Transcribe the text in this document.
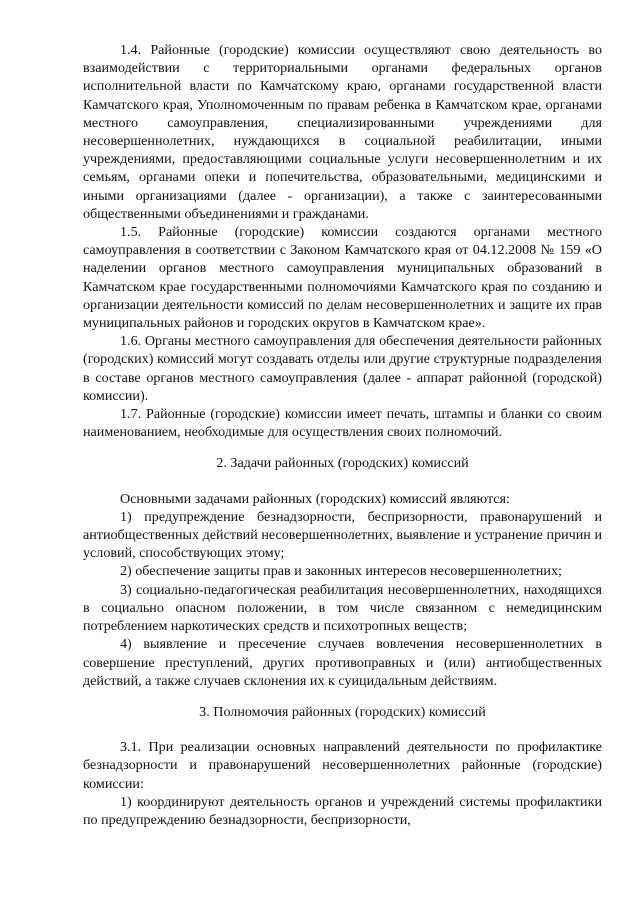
1.4. Районные (городские) комиссии осуществляют свою деятельность во взаимодействии с территориальными органами федеральных органов исполнительной власти по Камчатскому краю, органами государственной власти Камчатского края, Уполномоченным по правам ребенка в Камчатском крае, органами местного самоуправления, специализированными учреждениями для несовершеннолетних, нуждающихся в социальной реабилитации, иными учреждениями, предоставляющими социальные услуги несовершеннолетним и их семьям, органами опеки и попечительства, образовательными, медицинскими и иными организациями (далее - организации), а также с заинтересованными общественными объединениями и гражданами.

1.5. Районные (городские) комиссии создаются органами местного самоуправления в соответствии с Законом Камчатского края от 04.12.2008 № 159 «О наделении органов местного самоуправления муниципальных образований в Камчатском крае государственными полномочиями Камчатского края по созданию и организации деятельности комиссий по делам несовершеннолетних и защите их прав муниципальных районов и городских округов в Камчатском крае».

1.6. Органы местного самоуправления для обеспечения деятельности районных (городских) комиссий могут создавать отделы или другие структурные подразделения в составе органов местного самоуправления (далее - аппарат районной (городской) комиссии).

1.7. Районные (городские) комиссии имеет печать, штампы и бланки со своим наименованием, необходимые для осуществления своих полномочий.

2. Задачи районных (городских) комиссий

Основными задачами районных (городских) комиссий являются:

1) предупреждение безнадзорности, беспризорности, правонарушений и антиобщественных действий несовершеннолетних, выявление и устранение причин и условий, способствующих этому;

2) обеспечение защиты прав и законных интересов несовершеннолетних;

3) социально-педагогическая реабилитация несовершеннолетних, находящихся в социально опасном положении, в том числе связанном с немедицинским потреблением наркотических средств и психотропных веществ;

4) выявление и пресечение случаев вовлечения несовершеннолетних в совершение преступлений, других противоправных и (или) антиобщественных действий, а также случаев склонения их к суицидальным действиям.

3. Полномочия районных (городских) комиссий

3.1. При реализации основных направлений деятельности по профилактике безнадзорности и правонарушений несовершеннолетних районные (городские) комиссии:

1) координируют деятельность органов и учреждений системы профилактики по предупреждению безнадзорности, беспризорности,
